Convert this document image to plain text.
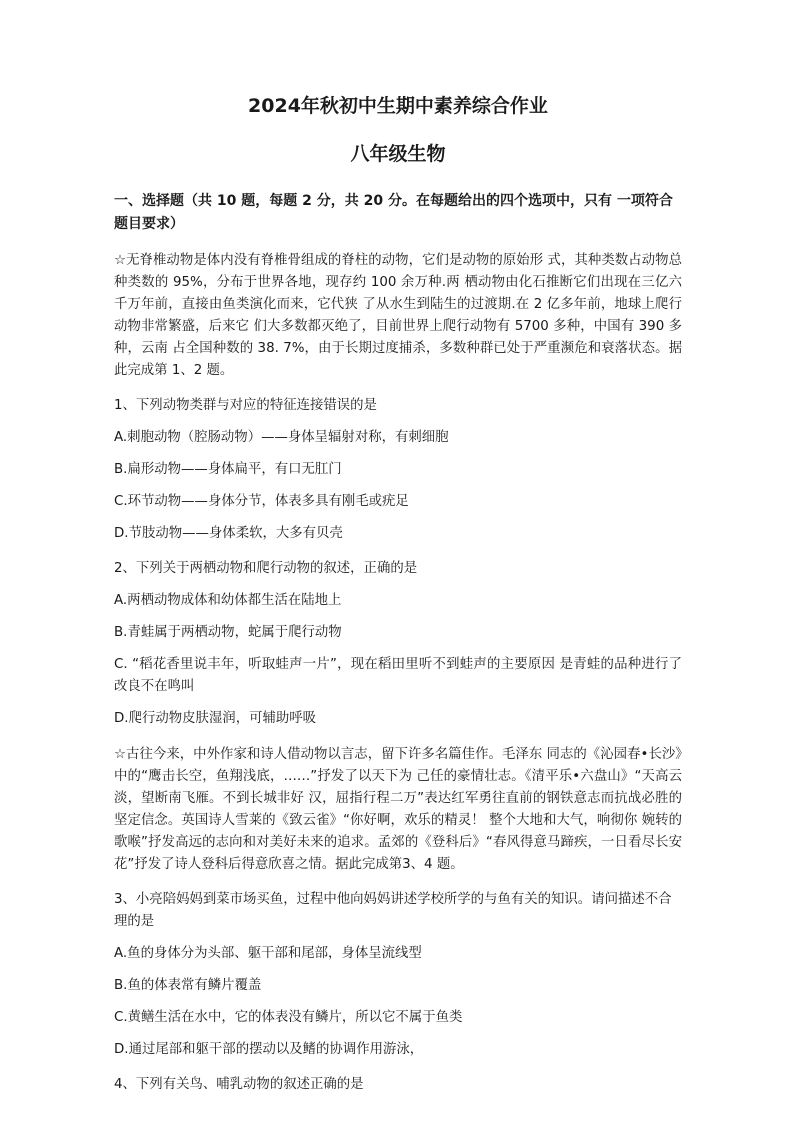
2024年秋初中生期中素养综合作业

八年级生物

一、选择题（共 10 题，每题 2 分，共 20 分。在每题给出的四个选项中，只有 一项符合题目要求）

☆无脊椎动物是体内没有脊椎骨组成的脊柱的动物，它们是动物的原始形 式，其种类数占动物总种类数的 95%，分布于世界各地，现存约 100 余万种.两 栖动物由化石推断它们出现在三亿六千万年前，直接由鱼类演化而来，它代狭 了从水生到陆生的过渡期.在 2 亿多年前，地球上爬行动物非常繁盛，后来它 们大多数都灭绝了，目前世界上爬行动物有 5700 多种，中国有 390 多种，云南 占全国种数的 38. 7%，由于长期过度捕杀，多数种群已处于严重濒危和衰落状态。据此完成第 1、2 题。

1、下列动物类群与对应的特征连接错误的是

A.刺胞动物（腔肠动物）——身体呈辐射对称，有刺细胞

B.扁形动物——身体扁平，有口无肛门

C.环节动物——身体分节，体表多具有刚毛或疣足

D.节肢动物——身体柔软，大多有贝壳

2、下列关于两栖动物和爬行动物的叙述，正确的是

A.两栖动物成体和幼体都生活在陆地上

B.青蛙属于两栖动物，蛇属于爬行动物

C. “稻花香里说丰年，听取蛙声一片”，现在稻田里听不到蛙声的主要原因 是青蛙的品种进行了改良不在鸣叫

D.爬行动物皮肤湿润，可辅助呼吸

☆古往今来，中外作家和诗人借动物以言志，留下许多名篇佳作。毛泽东 同志的《沁园春•长沙》中的“鹰击长空，鱼翔浅底，……”抒发了以天下为 己任的豪情壮志。《清平乐•六盘山》“天高云淡，望断南飞雁。不到长城非好 汉，屈指行程二万”表达红军勇往直前的钢铁意志而抗战必胜的坚定信念。英国诗人雪莱的《致云雀》“你好啊，欢乐的精灵！ 整个大地和大气，响彻你 婉转的歌喉”抒发高远的志向和对美好未来的追求。孟郊的《登科后》“春风得意马蹄疾，一日看尽长安花”抒发了诗人登科后得意欣喜之情。据此完成第3、4 题。

3、小亮陪妈妈到菜市场买鱼，过程中他向妈妈讲述学校所学的与鱼有关的知识。请问描述不合理的是

A.鱼的身体分为头部、躯干部和尾部，身体呈流线型

B.鱼的体表常有鳞片覆盖

C.黄鳝生活在水中，它的体表没有鳞片，所以它不属于鱼类

D.通过尾部和躯干部的摆动以及鳍的协调作用游泳，

4、下列有关鸟、哺乳动物的叙述正确的是
